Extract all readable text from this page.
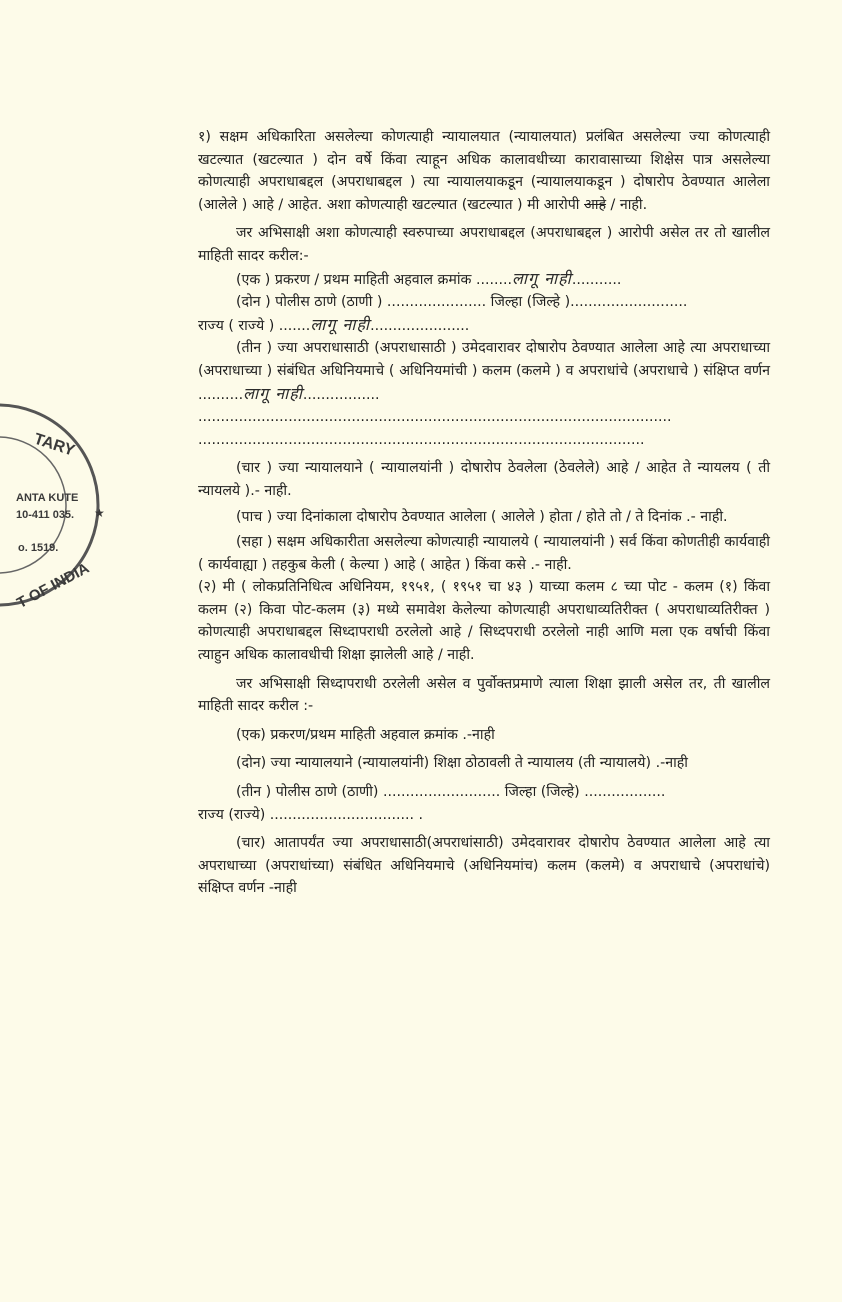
TARY
ANTA KUTE
10-411 035. ★
o. 1519.
T OF INDIA

१) सक्षम अधिकारिता असलेल्या कोणत्याही न्यायालयात (न्यायालयात) प्रलंबित असलेल्या ज्या कोणत्याही खटल्यात (खटल्यात ) दोन वर्षे किंवा त्याहून अधिक कालावधीच्या कारावासाच्या शिक्षेस पात्र असलेल्या कोणत्याही अपराधाबद्दल (अपराधाबद्दल ) त्या न्यायालयाकडून (न्यायालयाकडून ) दोषारोप ठेवण्यात आलेला (आलेले ) आहे / आहेत. अशा कोणत्याही खटल्यात (खटल्यात ) मी आरोपी आहे / नाही.

जर अभिसाक्षी अशा कोणत्याही स्वरुपाच्या अपराधाबद्दल (अपराधाबद्दल ) आरोपी असेल तर तो खालील माहिती सादर करील:-

(एक ) प्रकरण / प्रथम माहिती अहवाल क्रमांक ........लागू नाही...........

(दोन ) पोलीस ठाणे (ठाणी ) ...................... जिल्हा (जिल्हे )..........................

राज्य ( राज्ये ) .......लागू नाही......................

(तीन ) ज्या अपराधासाठी (अपराधासाठी ) उमेदवारावर दोषारोप ठेवण्यात आलेला आहे त्या अपराधाच्या (अपराधाच्या ) संबंधित अधिनियमाचे ( अधिनियमांची ) कलम (कलमे ) व अपराधांचे (अपराधाचे ) संक्षिप्त वर्णन ..........लागू नाही.................

.........................................................................................................

...................................................................................................

(चार ) ज्या न्यायालयाने ( न्यायालयांनी ) दोषारोप ठेवलेला (ठेवलेले) आहे / आहेत ते न्यायलय ( ती न्यायलये ).- नाही.

(पाच ) ज्या दिनांकाला दोषारोप ठेवण्यात आलेला ( आलेले ) होता / होते तो / ते दिनांक .- नाही.

(सहा ) सक्षम अधिकारीता असलेल्या कोणत्याही न्यायालये ( न्यायालयांनी ) सर्व किंवा कोणतीही कार्यवाही ( कार्यवाह्या ) तहकुब केली ( केल्या ) आहे ( आहेत ) किंवा कसे .- नाही.

(२) मी ( लोकप्रतिनिधित्व अधिनियम, १९५१, ( १९५१ चा ४३ ) याच्या कलम ८ च्या पोट - कलम (१) किंवा कलम (२) किवा पोट-कलम (३) मध्ये समावेश केलेल्या कोणत्याही अपराधाव्यतिरीक्त ( अपराधाव्यतिरीक्त ) कोणत्याही अपराधाबद्दल सिध्दापराधी ठरलेलो आहे / सिध्दपराधी ठरलेलो नाही आणि मला एक वर्षाची किंवा त्याहुन अधिक कालावधीची शिक्षा झालेली आहे / नाही.

जर अभिसाक्षी सिध्दापराधी ठरलेली असेल व पुर्वोक्तप्रमाणे त्याला शिक्षा झाली असेल तर, ती खालील माहिती सादर करील :-

(एक) प्रकरण/प्रथम माहिती अहवाल क्रमांक .-नाही

(दोन) ज्या न्यायालयाने (न्यायालयांनी) शिक्षा ठोठावली ते न्यायालय (ती न्यायालये) .-नाही

(तीन ) पोलीस ठाणे (ठाणी) .......................... जिल्हा (जिल्हे) ..................

राज्य (राज्ये) ................................ .

(चार) आतापर्यंत ज्या अपराधासाठी(अपराधांसाठी) उमेदवारावर दोषारोप ठेवण्यात आलेला आहे त्या अपराधाच्या (अपराधांच्या) संबंधित अधिनियमाचे (अधिनियमांच) कलम (कलमे) व अपराधाचे (अपराधांचे) संक्षिप्त वर्णन -नाही
